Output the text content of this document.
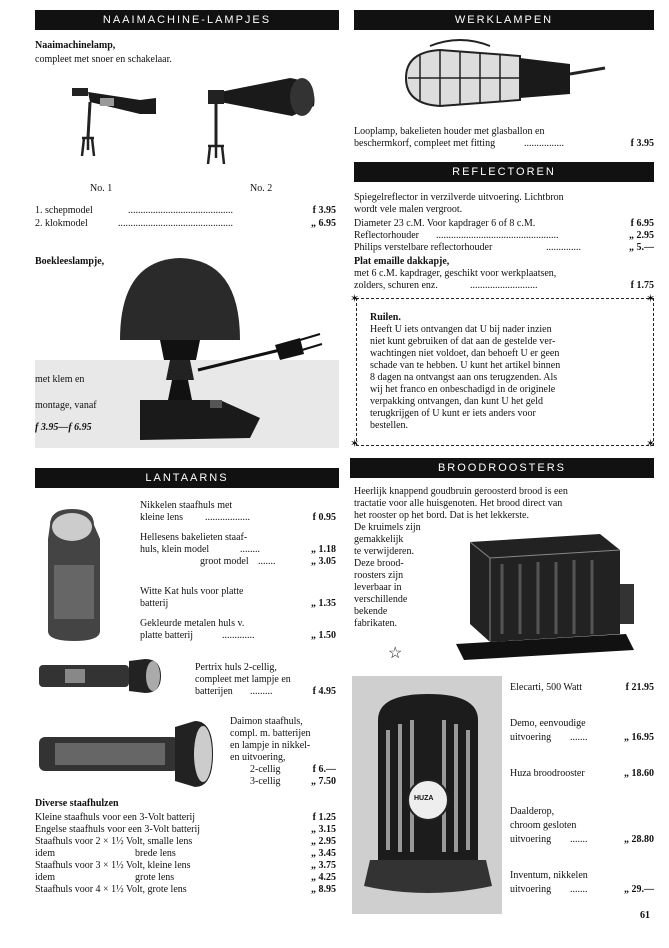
NAAIMACHINE-LAMPJES
Naaimachinelamp,
compleet met snoer en schakelaar.
No. 1	No. 2
1. schepmodel	..........................................	f 3.95
2. klokmodel	..............................................	„ 6.95
Boekleeslampje,
met klem en
montage, vanaf
f 3.95—f 6.95
LANTAARNS
Nikkelen staafhuls met
kleine lens ..................	f 0.95
Hellesens bakelieten staaf-
huls, klein model	........	„ 1.18
groot model .......	„ 3.05
Witte Kat huls voor platte
batterij	„ 1.35
Gekleurde metalen huls v.
platte batterij	.............	„ 1.50
Pertrix huls 2-cellig,
compleet met lampje en
batterijen .........	f 4.95
Daimon staafhuls,
compl. m. batterijen
en lampje in nikkel-
en uitvoering,
2-cellig	f 6.—
3-cellig	„ 7.50
Diverse staafhulzen
Kleine staafhuls voor een 3-Volt batterij	f 1.25
Engelse staafhuls voor een 3-Volt batterij	„ 3.15
Staafhuls voor 2 × 1½ Volt, smalle lens	„ 2.95
idem                                brede lens	„ 3.45
Staafhuls voor 3 × 1½ Volt, kleine lens	„ 3.75
idem                                grote lens	„ 4.25
Staafhuls voor 4 × 1½ Volt, grote lens	„ 8.95
WERKLAMPEN
Looplamp, bakelieten houder met glasballon en
beschermkorf, compleet met fitting	................	f 3.95
REFLECTOREN
Spiegelreflector in verzilverde uitvoering. Lichtbron
wordt vele malen vergroot.
Diameter 23 c.M. Voor kapdrager 6 of 8 c.M.	f 6.95
Reflectorhouder .................................................	„ 2.95
Philips verstelbare reflectorhouder	..............	„ 5.—
Plat emaille dakkapje,
met 6 c.M. kapdrager, geschikt voor werkplaatsen,
zolders, schuren enz.	...........................	f 1.75
✶	✶
✶	✶
Ruilen.
Heeft U iets ontvangen dat U bij nader inzien
niet kunt gebruiken of dat aan de gestelde ver-
wachtingen niet voldoet, dan behoeft U er geen
schade van te hebben. U kunt het artikel binnen
8 dagen na ontvangst aan ons terugzenden. Als
wij het franco en onbeschadigd in de originele
verpakking ontvangen, dan kunt U het geld
terugkrijgen of U kunt er iets anders voor
bestellen.
BROODROOSTERS
Heerlijk knappend goudbruin geroosterd brood is een
tractatie voor alle huisgenoten. Het brood direct van
het rooster op het bord. Dat is het lekkerste.
De kruimels zijn
gemakkelijk
te verwijderen.
Deze brood-
roosters zijn
leverbaar in
verschillende
bekende
fabrikaten.
☆
HUZA
Elecarti, 500 Watt	f 21.95
Demo, eenvoudige
uitvoering .......	„ 16.95
Huza broodrooster	„ 18.60
Daalderop,
chroom gesloten
uitvoering .......	„ 28.80
Inventum, nikkelen
uitvoering .......	„ 29.—
61
